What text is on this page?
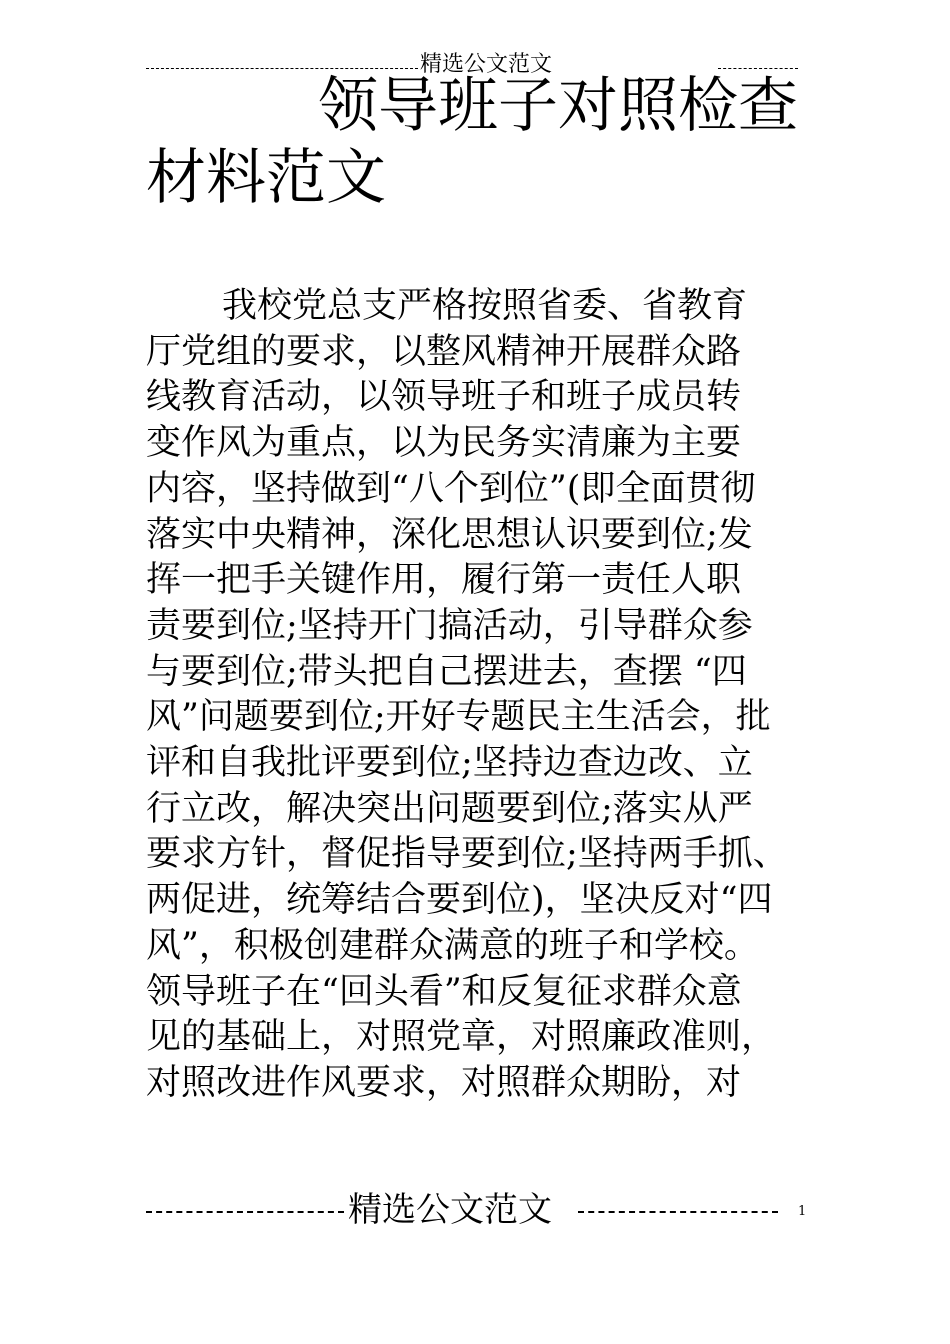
精选公文范文
领导班子对照检查
材料范文
我校党总支严格按照省委、省教育
厅党组的要求，以整风精神开展群众路
线教育活动，以领导班子和班子成员转
变作风为重点，以为民务实清廉为主要
内容，坚持做到“八个到位”(即全面贯彻
落实中央精神，深化思想认识要到位;发
挥一把手关键作用，履行第一责任人职
责要到位;坚持开门搞活动，引导群众参
与要到位;带头把自己摆进去，查摆 “四
风”问题要到位;开好专题民主生活会，批
评和自我批评要到位;坚持边查边改、立
行立改，解决突出问题要到位;落实从严
要求方针，督促指导要到位;坚持两手抓、
两促进，统筹结合要到位)，坚决反对“四
风”，积极创建群众满意的班子和学校。
领导班子在“回头看”和反复征求群众意
见的基础上，对照党章，对照廉政准则，
对照改进作风要求，对照群众期盼，对
精选公文范文	1
